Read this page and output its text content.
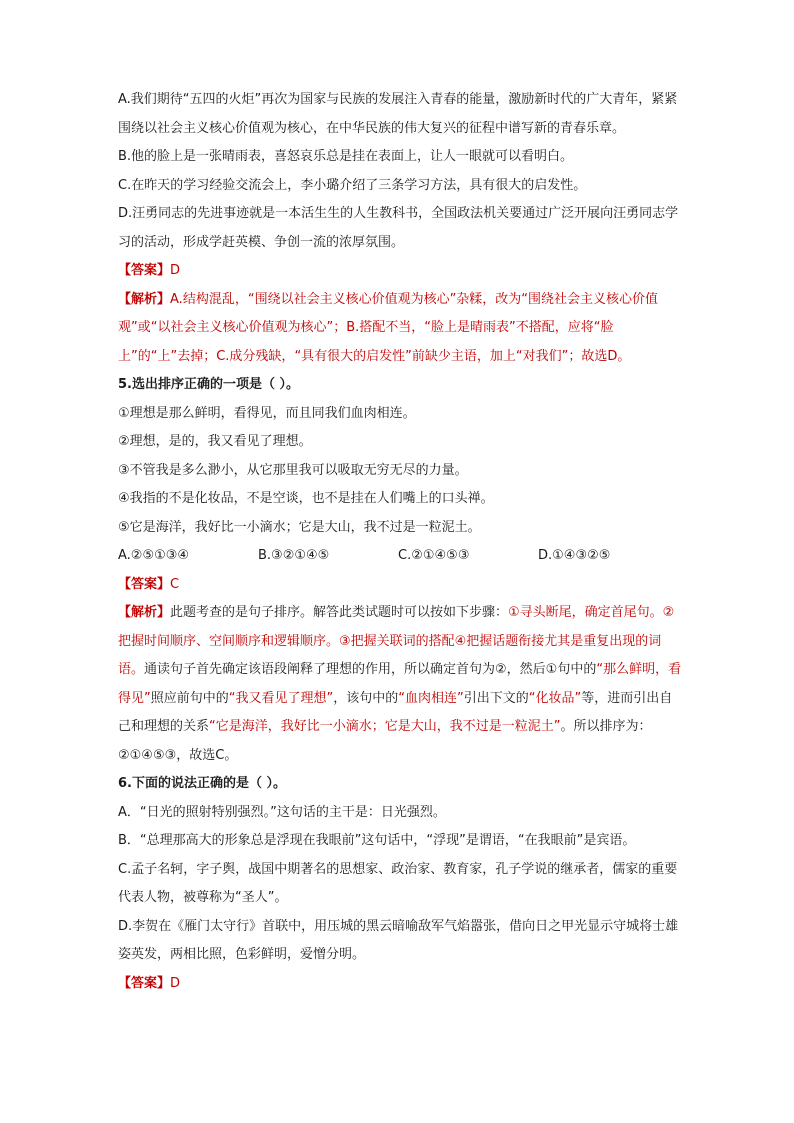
A.我们期待“五四的火炬”再次为国家与民族的发展注入青春的能量，激励新时代的广大青年，紧紧围绕以社会主义核心价值观为核心，在中华民族的伟大复兴的征程中谱写新的青春乐章。

B.他的脸上是一张晴雨表，喜怒哀乐总是挂在表面上，让人一眼就可以看明白。

C.在昨天的学习经验交流会上，李小璐介绍了三条学习方法，具有很大的启发性。

D.汪勇同志的先进事迹就是一本活生生的人生教科书，全国政法机关要通过广泛开展向汪勇同志学习的活动，形成学赶英模、争创一流的浓厚氛围。

【答案】D

【解析】A.结构混乱，“围绕以社会主义核心价值观为核心”杂糅，改为“围绕社会主义核心价值观”或“以社会主义核心价值观为核心”；B.搭配不当，“脸上是晴雨表”不搭配，应将“脸上”的“上”去掉；C.成分残缺，“具有很大的启发性”前缺少主语，加上“对我们”；故选D。

5.选出排序正确的一项是（ ）。

①理想是那么鲜明，看得见，而且同我们血肉相连。

②理想，是的，我又看见了理想。

③不管我是多么渺小，从它那里我可以吸取无穷无尽的力量。

④我指的不是化妆品，不是空谈，也不是挂在人们嘴上的口头禅。

⑤它是海洋，我好比一小滴水；它是大山，我不过是一粒泥土。

A.②⑤①③④	B.③②①④⑤	C.②①④⑤③	D.①④③②⑤

【答案】C

【解析】此题考查的是句子排序。解答此类试题时可以按如下步骤：①寻头断尾，确定首尾句。②把握时间顺序、空间顺序和逻辑顺序。③把握关联词的搭配④把握话题衔接尤其是重复出现的词语。通读句子首先确定该语段阐释了理想的作用，所以确定首句为②，然后①句中的“那么鲜明，看得见”照应前句中的“我又看见了理想”，该句中的“血肉相连”引出下文的“化妆品”等，进而引出自己和理想的关系“它是海洋，我好比一小滴水；它是大山，我不过是一粒泥土”。所以排序为：②①④⑤③，故选C。

6.下面的说法正确的是（ ）。

A．“日光的照射特别强烈。”这句话的主干是：日光强烈。

B．“总理那高大的形象总是浮现在我眼前”这句话中，“浮现”是谓语，“在我眼前”是宾语。

C.孟子名轲，字子舆，战国中期著名的思想家、政治家、教育家，孔子学说的继承者，儒家的重要代表人物，被尊称为“圣人”。

D.李贺在《雁门太守行》首联中，用压城的黑云暗喻敌军气焰嚣张，借向日之甲光显示守城将士雄姿英发，两相比照，色彩鲜明，爱憎分明。

【答案】D
